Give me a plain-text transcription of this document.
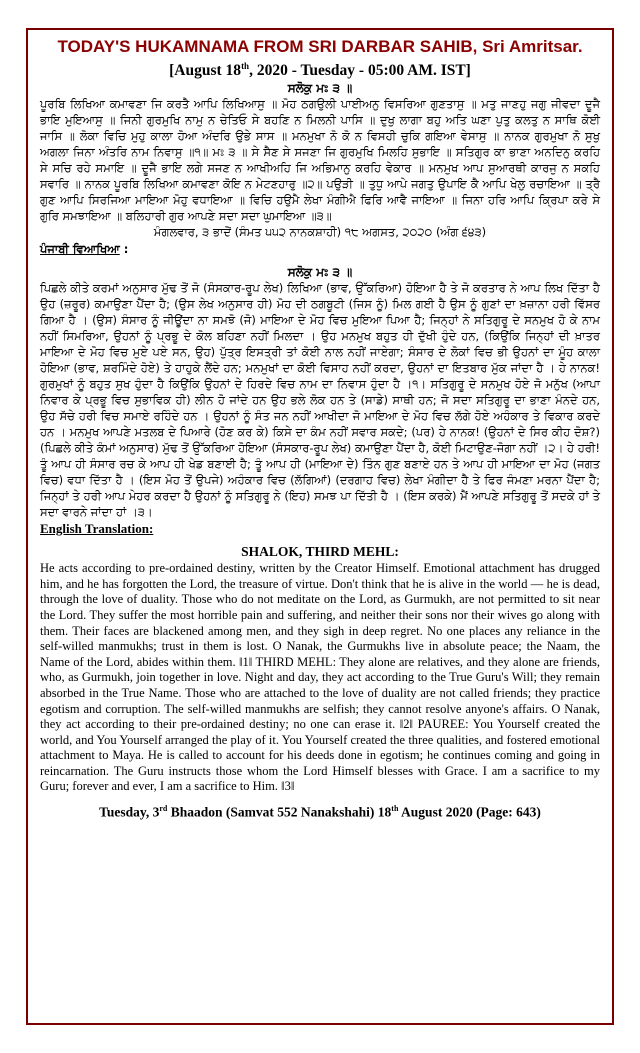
TODAY'S HUKAMNAMA FROM SRI DARBAR SAHIB, Sri Amritsar.
[August 18th, 2020 - Tuesday - 05:00 AM. IST]
ਸਲੋਕੁ ਮਃ ੩ ॥
ਪੂਰਬਿ ਲਿਖਿਆ ਕਮਾਵਣਾ ਜਿ ਕਰਤੈ ਆਪਿ ਲਿਖਿਆਸੁ ॥ ਮੋਹ ਠਗਉਲੀ ਪਾਈਅਨੁ ਵਿਸਰਿਆ ਗੁਣਤਾਸੁ ॥ ਮਤੁ ਜਾਣਹੁ ਜਗੁ ਜੀਵਦਾ ਦੂਜੈ ਭਾਇ ਮੁਇਆਸੁ ॥ ਜਿਨੀ ਗੁਰਮੁਖਿ ਨਾਮੁ ਨ ਚੇਤਿਓ ਸੇ ਬਹਣਿ ਨ ਮਿਲਨੀ ਪਾਸਿ ॥ ਦੁਖੁ ਲਾਗਾ ਬਹੁ ਅਤਿ ਘਣਾ ਪੁਤੁ ਕਲਤੁ ਨ ਸਾਥਿ ਕੋਈ ਜਾਸਿ ॥ ਲੋਕਾ ਵਿਚਿ ਮੁਹੁ ਕਾਲਾ ਹੋਆ ਅੰਦਰਿ ਉਭੇ ਸਾਸ ॥ ਮਨਮੁਖਾ ਨੋ ਕੋ ਨ ਵਿਸਹੀ ਚੁਕਿ ਗਇਆ ਵੇਸਾਸੁ ॥ ਨਾਨਕ ਗੁਰਮੁਖਾ ਨੋ ਸੁਖੁ ਅਗਲਾ ਜਿਨਾ ਅੰਤਰਿ ਨਾਮ ਨਿਵਾਸੁ ॥੧॥ ਮਃ ੩ ॥ ਸੇ ਸੈਣ ਸੇ ਸਜਣਾ ਜਿ ਗੁਰਮੁਖਿ ਮਿਲਹਿ ਸੁਭਾਇ ॥ ਸਤਿਗੁਰ ਕਾ ਭਾਣਾ ਅਨਦਿਨੁ ਕਰਹਿ ਸੇ ਸਚਿ ਰਹੇ ਸਮਾਇ ॥ ਦੂਜੈ ਭਾਇ ਲਗੇ ਸਜਣ ਨ ਆਖੀਅਹਿ ਜਿ ਅਭਿਮਾਨੁ ਕਰਹਿ ਵੇਕਾਰ ॥ ਮਨਮੁਖ ਆਪ ਸੁਆਰਥੀ ਕਾਰਜੁ ਨ ਸਕਹਿ ਸਵਾਰਿ ॥ ਨਾਨਕ ਪੂਰਬਿ ਲਿਖਿਆ ਕਮਾਵਣਾ ਕੋਇ ਨ ਮੇਟਣਹਾਰੁ ॥੨॥ ਪਉੜੀ ॥ ਤੁਧੁ ਆਪੇ ਜਗਤੁ ਉਪਾਇ ਕੈ ਆਪਿ ਖੇਲੁ ਰਚਾਇਆ ॥ ਤ੍ਰੈ ਗੁਣ ਆਪਿ ਸਿਰਜਿਆ ਮਾਇਆ ਮੋਹੁ ਵਧਾਇਆ ॥ ਵਿਚਿ ਹਉਮੈ ਲੇਖਾ ਮੰਗੀਐ ਫਿਰਿ ਆਵੈ ਜਾਇਆ ॥ ਜਿਨਾ ਹਰਿ ਆਪਿ ਕ੍ਰਿਪਾ ਕਰੇ ਸੇ ਗੁਰਿ ਸਮਝਾਇਆ ॥ ਬਲਿਹਾਰੀ ਗੁਰ ਆਪਣੇ ਸਦਾ ਸਦਾ ਘੁਮਾਇਆ ॥੩॥
ਮੰਗਲਵਾਰ, ੩ ਭਾਦੋਂ (ਸੰਮਤ ੫੫੨ ਨਾਨਕਸ਼ਾਹੀ) ੧੮ ਅਗਸਤ, ੨੦੨੦ (ਅੰਗ ੬੪੩)
ਪੰਜਾਬੀ ਵਿਆਖਿਆ :
ਸਲੋਕੁ ਮਃ ੩ ॥
ਪਿਛਲੇ ਕੀਤੇ ਕਰਮਾਂ ਅਨੁਸਾਰ ਮੁੱਢ ਤੋਂ ਜੋ (ਸੰਸਕਾਰ-ਰੂਪ ਲੇਖ) ਲਿਖਿਆ (ਭਾਵ, ਉੱਕਰਿਆ) ਹੋਇਆ ਹੈ ਤੇ ਜੋ ਕਰਤਾਰ ਨੇ ਆਪ ਲਿਖ ਦਿੱਤਾ ਹੈ ਉਹ (ਜ਼ਰੂਰ) ਕਮਾਉਣਾ ਪੈਂਦਾ ਹੈ; (ਉਸ ਲੇਖ ਅਨੁਸਾਰ ਹੀ) ਮੋਹ ਦੀ ਠਗਬੂਟੀ (ਜਿਸ ਨੂੰ) ਮਿਲ ਗਈ ਹੈ ਉਸ ਨੂੰ ਗੁਣਾਂ ਦਾ ਖ਼ਜ਼ਾਨਾ ਹਰੀ ਵਿੱਸਰ ਗਿਆ ਹੈ । (ਉਸ) ਸੰਸਾਰ ਨੂੰ ਜੀਊਂਦਾ ਨਾ ਸਮਝੋ (ਜੋ) ਮਾਇਆ ਦੇ ਮੋਹ ਵਿਚ ਮੁਇਆ ਪਿਆ ਹੈ; ਜਿਨ੍ਹਾਂ ਨੇ ਸਤਿਗੁਰੂ ਦੇ ਸਨਮੁਖ ਹੋ ਕੇ ਨਾਮ ਨਹੀਂ ਸਿਮਰਿਆ, ਉਹਨਾਂ ਨੂੰ ਪ੍ਰਭੂ ਦੇ ਕੋਲ ਬਹਿਣਾ ਨਹੀਂ ਮਿਲਦਾ । ਉਹ ਮਨਮੁਖ ਬਹੁਤ ਹੀ ਦੁੱਖੀ ਹੁੰਦੇ ਹਨ, (ਕਿਉਂਕਿ ਜਿਨ੍ਹਾਂ ਦੀ ਖ਼ਾਤਰ ਮਾਇਆ ਦੇ ਮੋਹ ਵਿਚ ਮੁਏ ਪਏ ਸਨ, ਉਹ) ਪੁੱਤ੍ਰ ਇਸਤ੍ਰੀ ਤਾਂ ਕੋਈ ਨਾਲ ਨਹੀਂ ਜਾਏਗਾ; ਸੰਸਾਰ ਦੇ ਲੋਕਾਂ ਵਿਚ ਭੀ ਉਹਨਾਂ ਦਾ ਮੂੰਹ ਕਾਲਾ ਹੋਇਆ (ਭਾਵ, ਸ਼ਰਮਿੰਦੇ ਹੋਏ) ਤੇ ਹਾਹੁਕੇ ਲੈਂਦੇ ਹਨ; ਮਨਮੁਖਾਂ ਦਾ ਕੋਈ ਵਿਸਾਹ ਨਹੀਂ ਕਰਦਾ, ਉਹਨਾਂ ਦਾ ਇਤਬਾਰ ਮੁੱਕ ਜਾਂਦਾ ਹੈ । ਹੇ ਨਾਨਕ! ਗੁਰਮੁਖਾਂ ਨੂੰ ਬਹੁਤ ਸੁਖ ਹੁੰਦਾ ਹੈ ਕਿਉਂਕਿ ਉਹਨਾਂ ਦੇ ਹਿਰਦੇ ਵਿਚ ਨਾਮ ਦਾ ਨਿਵਾਸ ਹੁੰਦਾ ਹੈ ।੧। ਸਤਿਗੁਰੂ ਦੇ ਸਨਮੁਖ ਹੋਏ ਜੋ ਮਨੁੱਖ (ਆਪਾ ਨਿਵਾਰ ਕੇ ਪ੍ਰਭੂ ਵਿਚ ਸੁਭਾਵਿਕ ਹੀ) ਲੀਨ ਹੋ ਜਾਂਦੇ ਹਨ ਉਹ ਭਲੇ ਲੋਕ ਹਨ ਤੇ (ਸਾਡੇ) ਸਾਥੀ ਹਨ; ਜੋ ਸਦਾ ਸਤਿਗੁਰੂ ਦਾ ਭਾਣਾ ਮੰਨਦੇ ਹਨ, ਉਹ ਸੱਚੇ ਹਰੀ ਵਿਚ ਸਮਾਏ ਰਹਿੰਦੇ ਹਨ । ਉਹਨਾਂ ਨੂੰ ਸੰਤ ਜਨ ਨਹੀਂ ਆਖੀਦਾ ਜੋ ਮਾਇਆ ਦੇ ਮੋਹ ਵਿਚ ਲੱਗੇ ਹੋਏ ਅਹੰਕਾਰ ਤੇ ਵਿਕਾਰ ਕਰਦੇ ਹਨ । ਮਨਮੁਖ ਆਪਣੇ ਮਤਲਬ ਦੇ ਪਿਆਰੇ (ਹੋਣ ਕਰ ਕੇ) ਕਿਸੇ ਦਾ ਕੰਮ ਨਹੀਂ ਸਵਾਰ ਸਕਦੇ; (ਪਰ) ਹੇ ਨਾਨਕ! (ਉਹਨਾਂ ਦੇ ਸਿਰ ਕੀਹ ਦੋਸ਼?) (ਪਿਛਲੇ ਕੀਤੇ ਕੰਮਾਂ ਅਨੁਸਾਰ) ਮੁੱਢ ਤੋਂ ਉੱਕਰਿਆ ਹੋਇਆ (ਸੰਸਕਾਰ-ਰੂਪ ਲੇਖ) ਕਮਾਉਣਾ ਪੈਂਦਾ ਹੈ, ਕੋਈ ਮਿਟਾਉਣ-ਜੋਗਾ ਨਹੀਂ ।੨। ਹੇ ਹਰੀ! ਤੂੰ ਆਪ ਹੀ ਸੰਸਾਰ ਰਚ ਕੇ ਆਪ ਹੀ ਖੇਡ ਬਣਾਈ ਹੈ; ਤੂੰ ਆਪ ਹੀ (ਮਾਇਆ ਦੇ) ਤਿੰਨ ਗੁਣ ਬਣਾਏ ਹਨ ਤੇ ਆਪ ਹੀ ਮਾਇਆ ਦਾ ਮੋਹ (ਜਗਤ ਵਿਚ) ਵਧਾ ਦਿੱਤਾ ਹੈ । (ਇਸ ਮੋਹ ਤੋਂ ਉਪਜੇ) ਅਹੰਕਾਰ ਵਿਚ (ਲੱਗਿਆਂ) (ਦਰਗਾਹ ਵਿਚ) ਲੇਖਾ ਮੰਗੀਦਾ ਹੈ ਤੇ ਫਿਰ ਜੰਮਣਾ ਮਰਨਾ ਪੈਂਦਾ ਹੈ; ਜਿਨ੍ਹਾਂ ਤੇ ਹਰੀ ਆਪ ਮੇਹਰ ਕਰਦਾ ਹੈ ਉਹਨਾਂ ਨੂੰ ਸਤਿਗੁਰੂ ਨੇ (ਇਹ) ਸਮਝ ਪਾ ਦਿੱਤੀ ਹੈ । (ਇਸ ਕਰਕੇ) ਮੈਂ ਆਪਣੇ ਸਤਿਗੁਰੂ ਤੋਂ ਸਦਕੇ ਹਾਂ ਤੇ ਸਦਾ ਵਾਰਨੇ ਜਾਂਦਾ ਹਾਂ ।੩।
English Translation:
SHALOK, THIRD MEHL:
He acts according to pre-ordained destiny, written by the Creator Himself. Emotional attachment has drugged him, and he has forgotten the Lord, the treasure of virtue. Don't think that he is alive in the world — he is dead, through the love of duality. Those who do not meditate on the Lord, as Gurmukh, are not permitted to sit near the Lord. They suffer the most horrible pain and suffering, and neither their sons nor their wives go along with them. Their faces are blackened among men, and they sigh in deep regret. No one places any reliance in the self-willed manmukhs; trust in them is lost. O Nanak, the Gurmukhs live in absolute peace; the Naam, the Name of the Lord, abides within them. ‖1‖ THIRD MEHL: They alone are relatives, and they alone are friends, who, as Gurmukh, join together in love. Night and day, they act according to the True Guru's Will; they remain absorbed in the True Name. Those who are attached to the love of duality are not called friends; they practice egotism and corruption. The self-willed manmukhs are selfish; they cannot resolve anyone's affairs. O Nanak, they act according to their pre-ordained destiny; no one can erase it. ‖2‖ PAUREE: You Yourself created the world, and You Yourself arranged the play of it. You Yourself created the three qualities, and fostered emotional attachment to Maya. He is called to account for his deeds done in egotism; he continues coming and going in reincarnation. The Guru instructs those whom the Lord Himself blesses with Grace. I am a sacrifice to my Guru; forever and ever, I am a sacrifice to Him. ‖3‖
Tuesday, 3rd Bhaadon (Samvat 552 Nanakshahi) 18th August 2020 (Page: 643)
